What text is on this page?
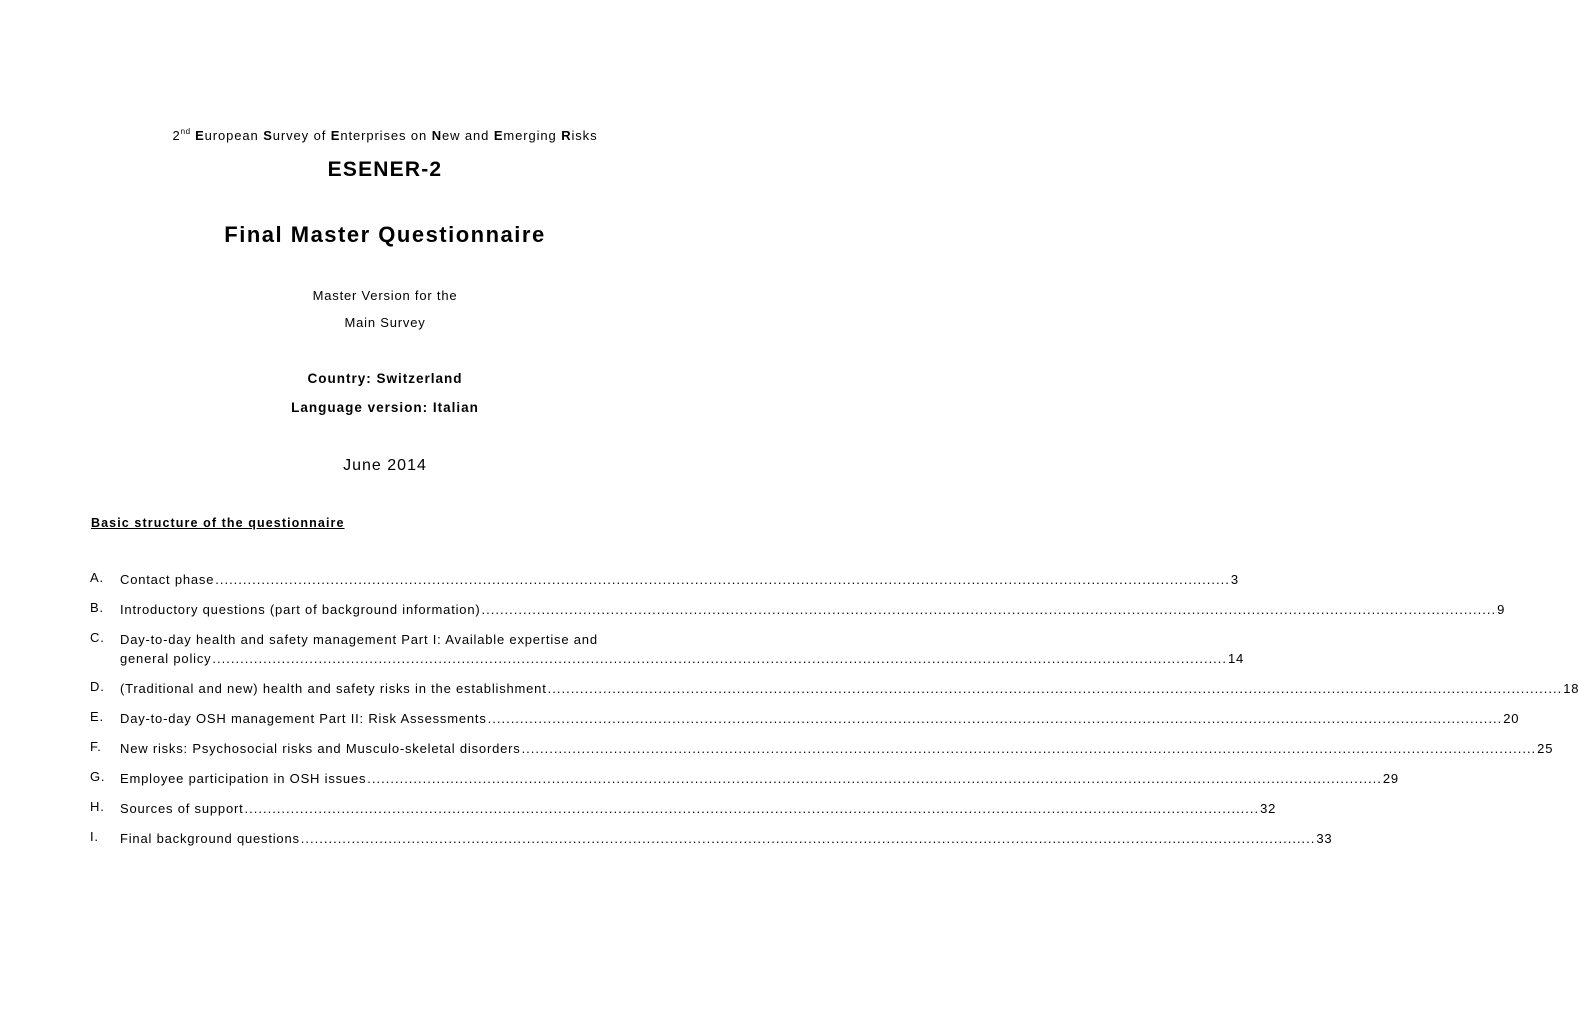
2nd European Survey of Enterprises on New and Emerging Risks
ESENER-2
Final Master Questionnaire
Master Version for the
Main Survey
Country: Switzerland
Language version: Italian
June 2014
Basic structure of the questionnaire
A.	Contact phase .....	3
B.	Introductory questions (part of background information) .....	9
C.	Day-to-day health and safety management Part I: Available expertise and
general policy .....	14
D.	(Traditional and new) health and safety risks in the establishment .....	18
E.	Day-to-day OSH management Part II: Risk Assessments .....	20
F.	New risks: Psychosocial risks and Musculo-skeletal disorders .....	25
G.	Employee participation in OSH issues .....	29
H.	Sources of support .....	32
I.	Final background questions .....	33
